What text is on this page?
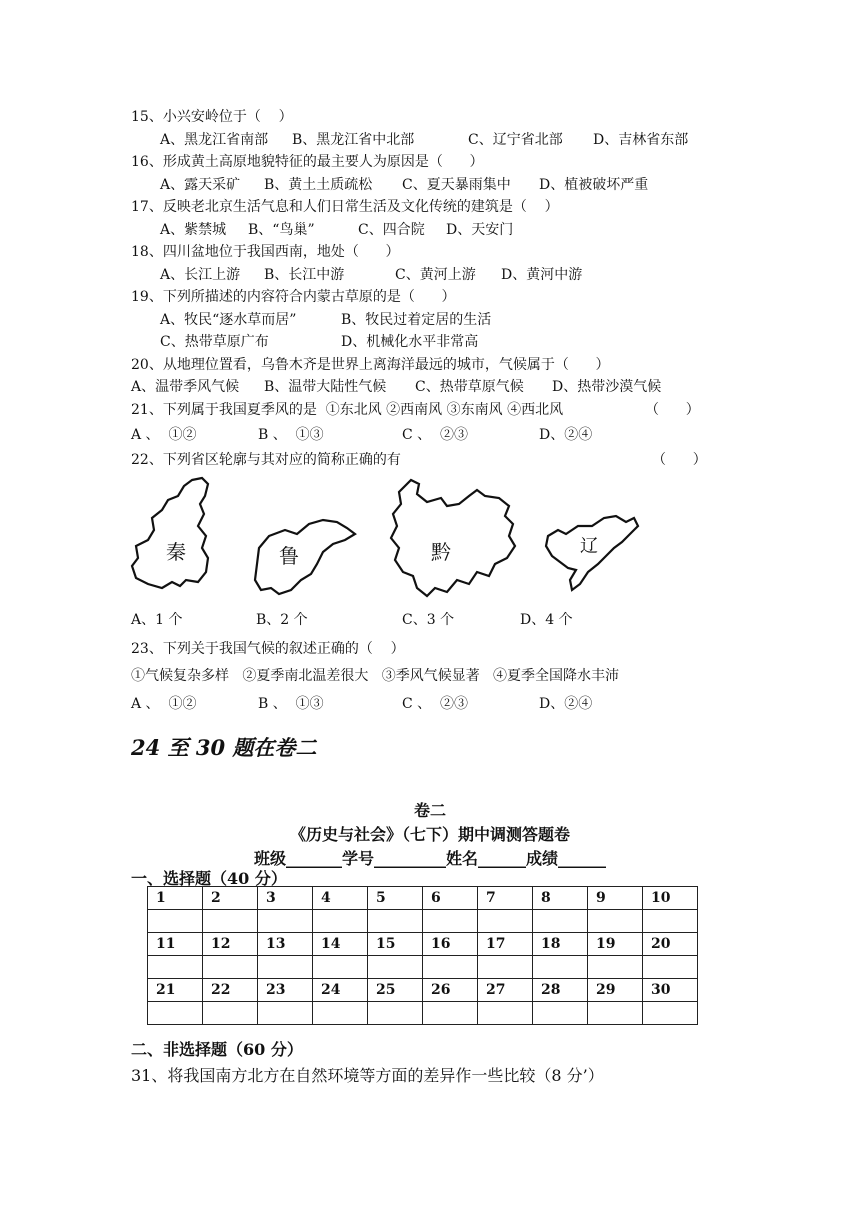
15、小兴安岭位于（    ）
A、黑龙江省南部 B、黑龙江省中北部	C、辽宁省北部 D、吉林省东部
16、形成黄土高原地貌特征的最主要人为原因是（      ）
A、露天采矿 B、黄土土质疏松 C、夏天暴雨集中 D、植被破坏严重
17、反映老北京生活气息和人们日常生活及文化传统的建筑是（    ）
A、紫禁城 B、“鸟巢”	C、四合院 D、天安门
18、四川盆地位于我国西南，地处（      ）
A、长江上游 B、长江中游	C、黄河上游 D、黄河中游
19、下列所描述的内容符合内蒙古草原的是（      ）
A、牧民“逐水草而居”	B、牧民过着定居的生活
C、热带草原广布	D、机械化水平非常高
20、从地理位置看，乌鲁木齐是世界上离海洋最远的城市，气候属于（      ）
A、温带季风气候 B、温带大陆性气候 C、热带草原气候 D、热带沙漠气候
21、下列属于我国夏季风的是  ①东北风 ②西南风 ③东南风 ④西北风	（      ）
A 、  ①②	B 、  ①③	C 、  ②③	D、②④
22、下列省区轮廓与其对应的简称正确的有	（      ）
秦	鲁	黔	辽
A、1 个	B、2 个	C、3 个	D、4 个
23、下列关于我国气候的叙述正确的（    ）
①气候复杂多样   ②夏季南北温差很大   ③季风气候显著   ④夏季全国降水丰沛
A 、  ①②	B 、  ①③	C 、  ②③	D、②④
24 至 30 题在卷二
卷二
《历史与社会》（七下）期中调测答题卷
班级_______学号_________姓名______成绩______
一、选择题（40 分）
1	2	3	4	5	6	7	8	9	10

11	12	13	14	15	16	17	18	19	20

21	22	23	24	25	26	27	28	29	30

二、非选择题（60 分）
31、将我国南方北方在自然环境等方面的差异作一些比较（8 分’）
